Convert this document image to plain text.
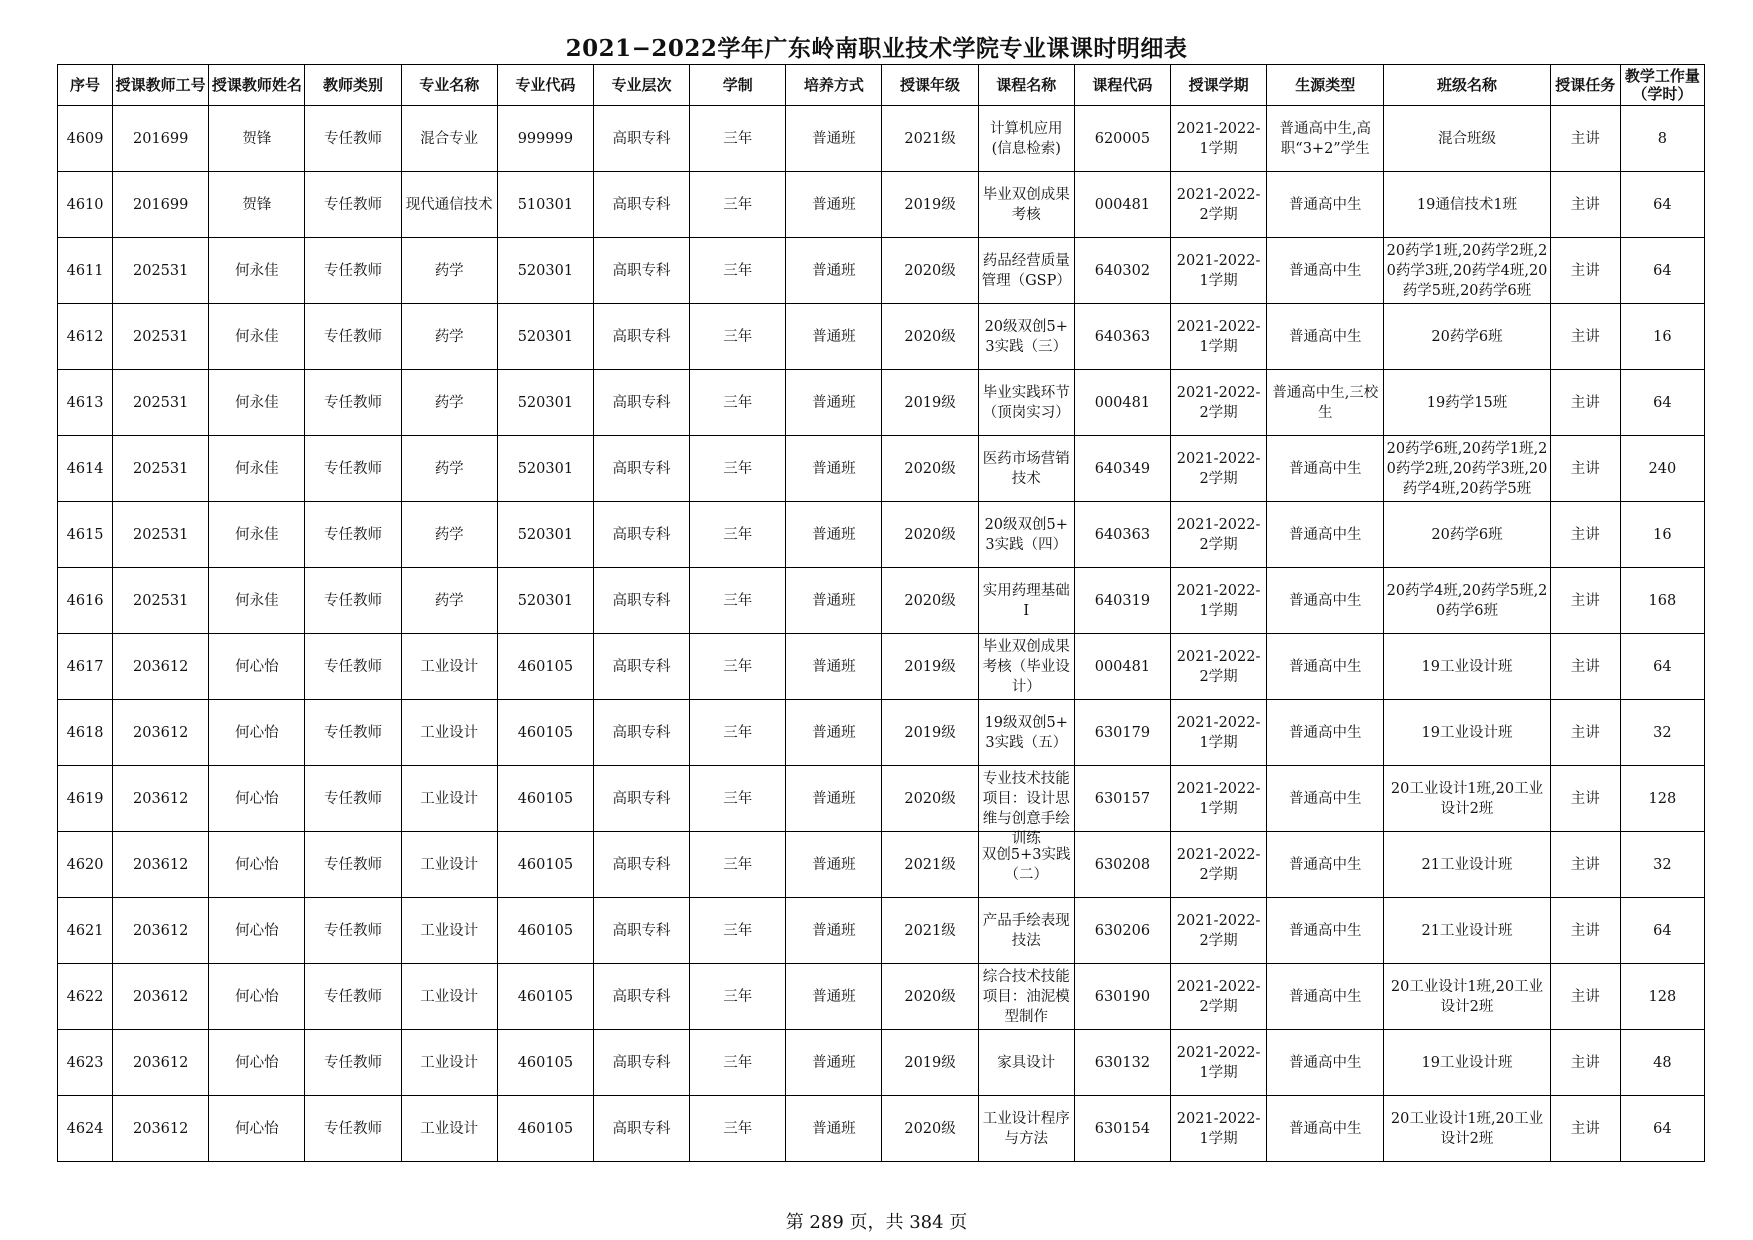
2021−2022学年广东岭南职业技术学院专业课课时明细表
序号	授课教师工号	授课教师姓名	教师类别	专业名称	专业代码	专业层次	学制	培养方式	授课年级	课程名称	课程代码	授课学期	生源类型	班级名称	授课任务	教学工作量（学时）

4609	201699	贺锋	专任教师	混合专业	999999	高职专科	三年	普通班	2021级	计算机应用(信息检索)	620005	2021-2022-1学期	普通高中生,高职“3+2”学生	混合班级	主讲	8

4610	201699	贺锋	专任教师	现代通信技术	510301	高职专科	三年	普通班	2019级	毕业双创成果考核	000481	2021-2022-2学期	普通高中生	19通信技术1班	主讲	64

4611	202531	何永佳	专任教师	药学	520301	高职专科	三年	普通班	2020级	药品经营质量管理（GSP）	640302	2021-2022-1学期	普通高中生	20药学1班,20药学2班,20药学3班,20药学4班,20药学5班,20药学6班	主讲	64

4612	202531	何永佳	专任教师	药学	520301	高职专科	三年	普通班	2020级	20级双创5+3实践（三）	640363	2021-2022-1学期	普通高中生	20药学6班	主讲	16

4613	202531	何永佳	专任教师	药学	520301	高职专科	三年	普通班	2019级	毕业实践环节（顶岗实习）	000481	2021-2022-2学期	普通高中生,三校生	19药学15班	主讲	64

4614	202531	何永佳	专任教师	药学	520301	高职专科	三年	普通班	2020级	医药市场营销技术	640349	2021-2022-2学期	普通高中生	20药学6班,20药学1班,20药学2班,20药学3班,20药学4班,20药学5班	主讲	240

4615	202531	何永佳	专任教师	药学	520301	高职专科	三年	普通班	2020级	20级双创5+3实践（四）	640363	2021-2022-2学期	普通高中生	20药学6班	主讲	16

4616	202531	何永佳	专任教师	药学	520301	高职专科	三年	普通班	2020级	实用药理基础I	640319	2021-2022-1学期	普通高中生	20药学4班,20药学5班,20药学6班	主讲	168

4617	203612	何心怡	专任教师	工业设计	460105	高职专科	三年	普通班	2019级	毕业双创成果考核（毕业设计）	000481	2021-2022-2学期	普通高中生	19工业设计班	主讲	64

4618	203612	何心怡	专任教师	工业设计	460105	高职专科	三年	普通班	2019级	19级双创5+3实践（五）	630179	2021-2022-1学期	普通高中生	19工业设计班	主讲	32

4619	203612	何心怡	专任教师	工业设计	460105	高职专科	三年	普通班	2020级	专业技术技能项目：设计思维与创意手绘训练	630157	2021-2022-1学期	普通高中生	20工业设计1班,20工业设计2班	主讲	128

4620	203612	何心怡	专任教师	工业设计	460105	高职专科	三年	普通班	2021级	双创5+3实践（二）	630208	2021-2022-2学期	普通高中生	21工业设计班	主讲	32

4621	203612	何心怡	专任教师	工业设计	460105	高职专科	三年	普通班	2021级	产品手绘表现技法	630206	2021-2022-2学期	普通高中生	21工业设计班	主讲	64

4622	203612	何心怡	专任教师	工业设计	460105	高职专科	三年	普通班	2020级	综合技术技能项目：油泥模型制作	630190	2021-2022-2学期	普通高中生	20工业设计1班,20工业设计2班	主讲	128

4623	203612	何心怡	专任教师	工业设计	460105	高职专科	三年	普通班	2019级	家具设计	630132	2021-2022-1学期	普通高中生	19工业设计班	主讲	48

4624	203612	何心怡	专任教师	工业设计	460105	高职专科	三年	普通班	2020级	工业设计程序与方法	630154	2021-2022-1学期	普通高中生	20工业设计1班,20工业设计2班	主讲	64
第 289 页，共 384 页
